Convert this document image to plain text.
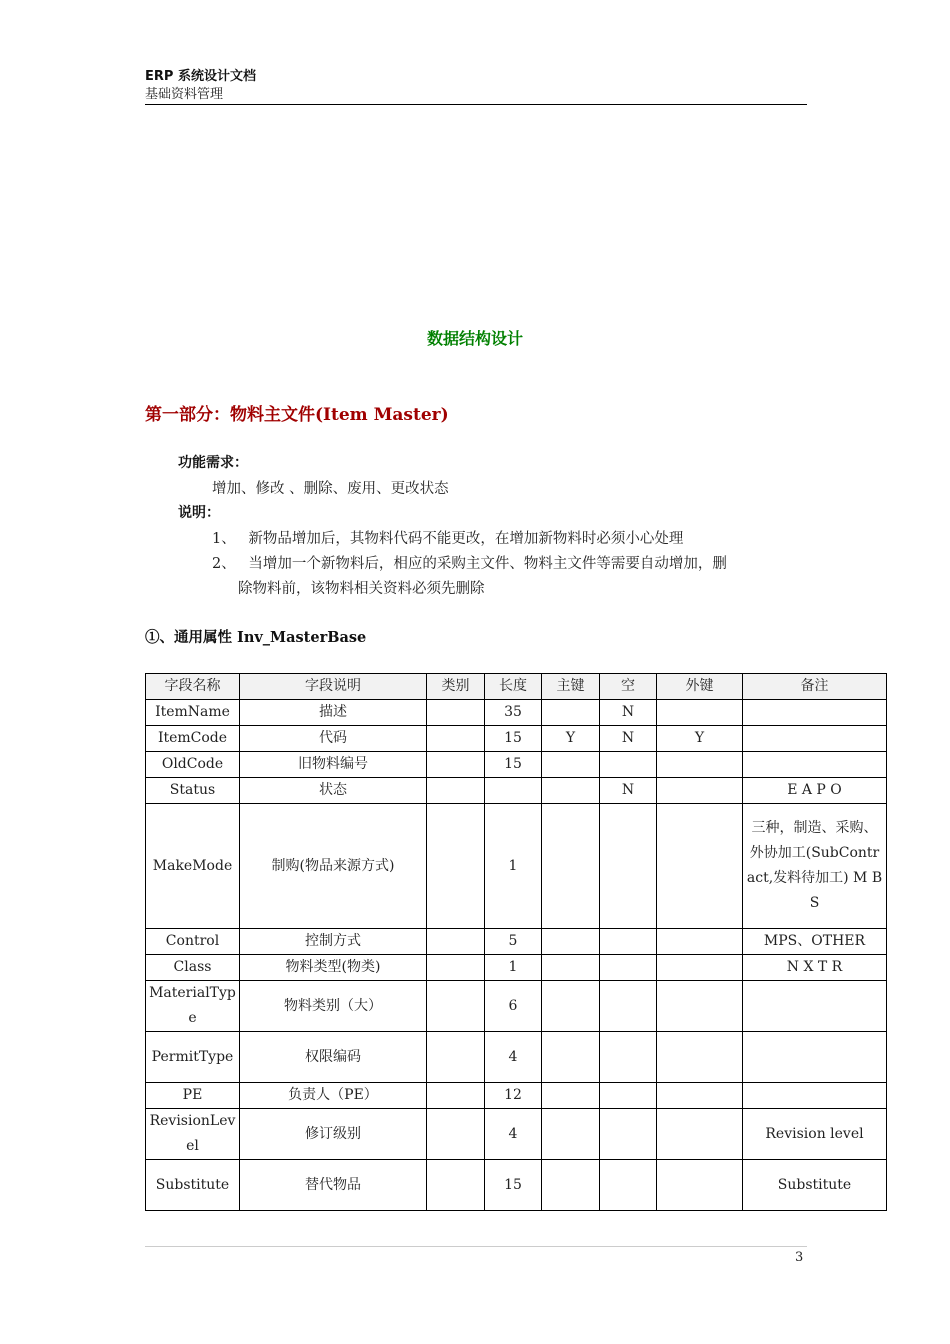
ERP 系统设计文档
基础资料管理
数据结构设计
第一部分：物料主文件(Item Master)
功能需求：
增加、修改 、删除、废用、更改状态
说明：
1、 新物品增加后，其物料代码不能更改，在增加新物料时必须小心处理
2、 当增加一个新物料后，相应的采购主文件、物料主文件等需要自动增加，删
除物料前，该物料相关资料必须先删除
①、通用属性 Inv_MasterBase
字段名称	字段说明	类别	长度	主键	空	外键	备注
ItemName	描述		35		N		
ItemCode	代码		15	Y	N	Y	
OldCode	旧物料编号		15				
Status	状态				N		E A P O
MakeMode	制购(物品来源方式)		1				三种，制造、采购、外协加工(SubContract,发料待加工) M B S
Control	控制方式		5				MPS、OTHER
Class	物料类型(物类)		1				N X T R
MaterialType	物料类别（大）		6				
PermitType	权限编码		4				
PE	负责人（PE）		12				
RevisionLevel	修订级别		4				Revision level
Substitute	替代物品		15				Substitute
3
